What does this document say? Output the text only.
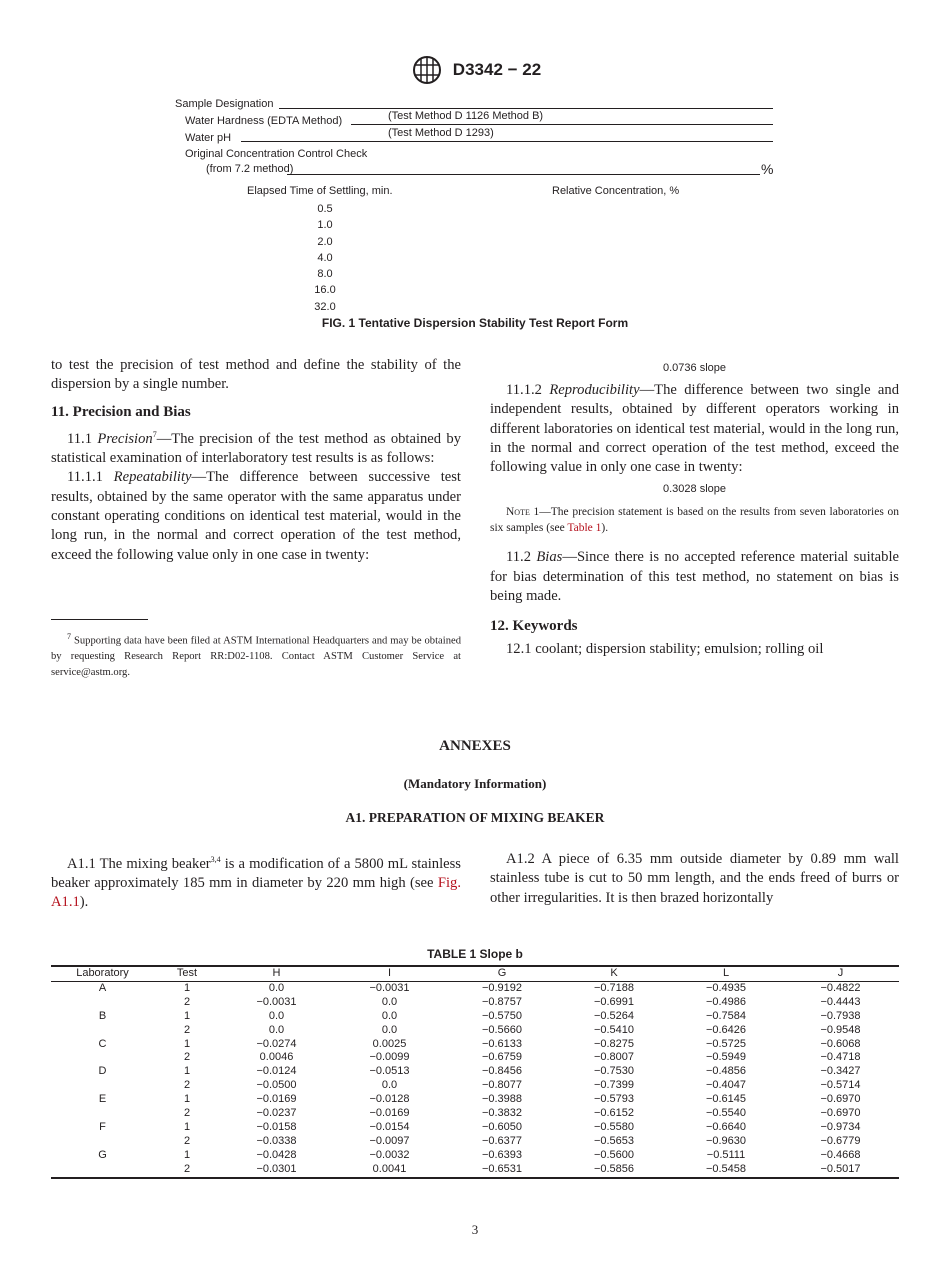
D3342 − 22
Sample Designation
Water Hardness (EDTA Method)	(Test Method D 1126 Method B)
Water pH	(Test Method D 1293)
Original Concentration Control Check
(from 7.2 method)	%
Elapsed Time of Settling, min.	Relative Concentration, %
0.5
1.0
2.0
4.0
8.0
16.0
32.0
FIG. 1 Tentative Dispersion Stability Test Report Form

to test the precision of test method and define the stability of the dispersion by a single number.

11. Precision and Bias

11.1 Precision$^7$—The precision of the test method as obtained by statistical examination of interlaboratory test results is as follows:

11.1.1 Repeatability—The difference between successive test results, obtained by the same operator with the same apparatus under constant operating conditions on identical test material, would in the long run, in the normal and correct operation of the test method, exceed the following value only in one case in twenty:

$^7$ Supporting data have been filed at ASTM International Headquarters and may be obtained by requesting Research Report RR:D02-1108. Contact ASTM Customer Service at service@astm.org.
0.0736 slope

11.1.2 Reproducibility—The difference between two single and independent results, obtained by different operators working in different laboratories on identical test material, would in the long run, in the normal and correct operation of the test method, exceed the following value in only one case in twenty:

0.3028 slope
Note 1—The precision statement is based on the results from seven laboratories on six samples (see Table 1).

11.2 Bias—Since there is no accepted reference material suitable for bias determination of this test method, no statement on bias is being made.

12. Keywords

12.1 coolant; dispersion stability; emulsion; rolling oil

ANNEXES
(Mandatory Information)
A1. PREPARATION OF MIXING BEAKER
A1.1 The mixing beaker$^{3,4}$ is a modification of a 5800 mL stainless beaker approximately 185 mm in diameter by 220 mm high (see Fig. A1.1).
A1.2 A piece of 6.35 mm outside diameter by 0.89 mm wall stainless tube is cut to 50 mm length, and the ends freed of burrs or other irregularities. It is then brazed horizontally
TABLE 1 Slope b
Laboratory	Test	H	I	G	K	L	J
A	1	0.0	−0.0031	−0.9192	−0.7188	−0.4935	−0.4822
	2	−0.0031	0.0	−0.8757	−0.6991	−0.4986	−0.4443
B	1	0.0	0.0	−0.5750	−0.5264	−0.7584	−0.7938
	2	0.0	0.0	−0.5660	−0.5410	−0.6426	−0.9548
C	1	−0.0274	0.0025	−0.6133	−0.8275	−0.5725	−0.6068
	2	0.0046	−0.0099	−0.6759	−0.8007	−0.5949	−0.4718
D	1	−0.0124	−0.0513	−0.8456	−0.7530	−0.4856	−0.3427
	2	−0.0500	0.0	−0.8077	−0.7399	−0.4047	−0.5714
E	1	−0.0169	−0.0128	−0.3988	−0.5793	−0.6145	−0.6970
	2	−0.0237	−0.0169	−0.3832	−0.6152	−0.5540	−0.6970
F	1	−0.0158	−0.0154	−0.6050	−0.5580	−0.6640	−0.9734
	2	−0.0338	−0.0097	−0.6377	−0.5653	−0.9630	−0.6779
G	1	−0.0428	−0.0032	−0.6393	−0.5600	−0.5111	−0.4668
	2	−0.0301	0.0041	−0.6531	−0.5856	−0.5458	−0.5017
3
